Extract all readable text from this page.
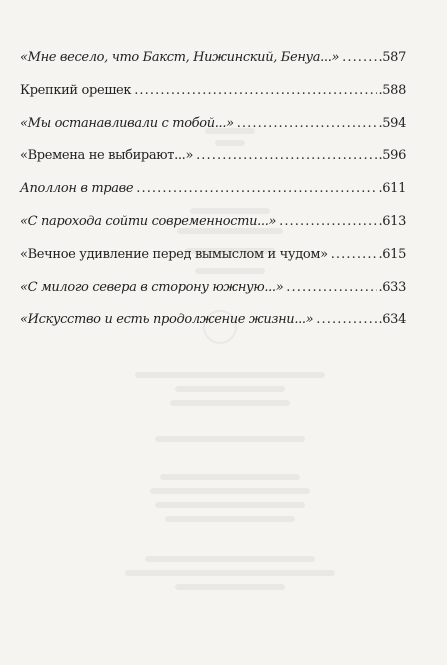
«Мне весело, что Бакст, Нижинский, Бенуа...» .....	.587
Крепкий орешек .....	.588
«Мы останавливали с тобой...» .....	.594
«Времена не выбирают...» .....	.596
Аполлон в траве .....	.611
«С парохода сойти современности...» .....	.613
«Вечное удивление перед вымыслом и чудом» .....	.615
«С милого севера в сторону южную...» .....	.633
«Искусство и есть продолжение жизни...» .....	.634
